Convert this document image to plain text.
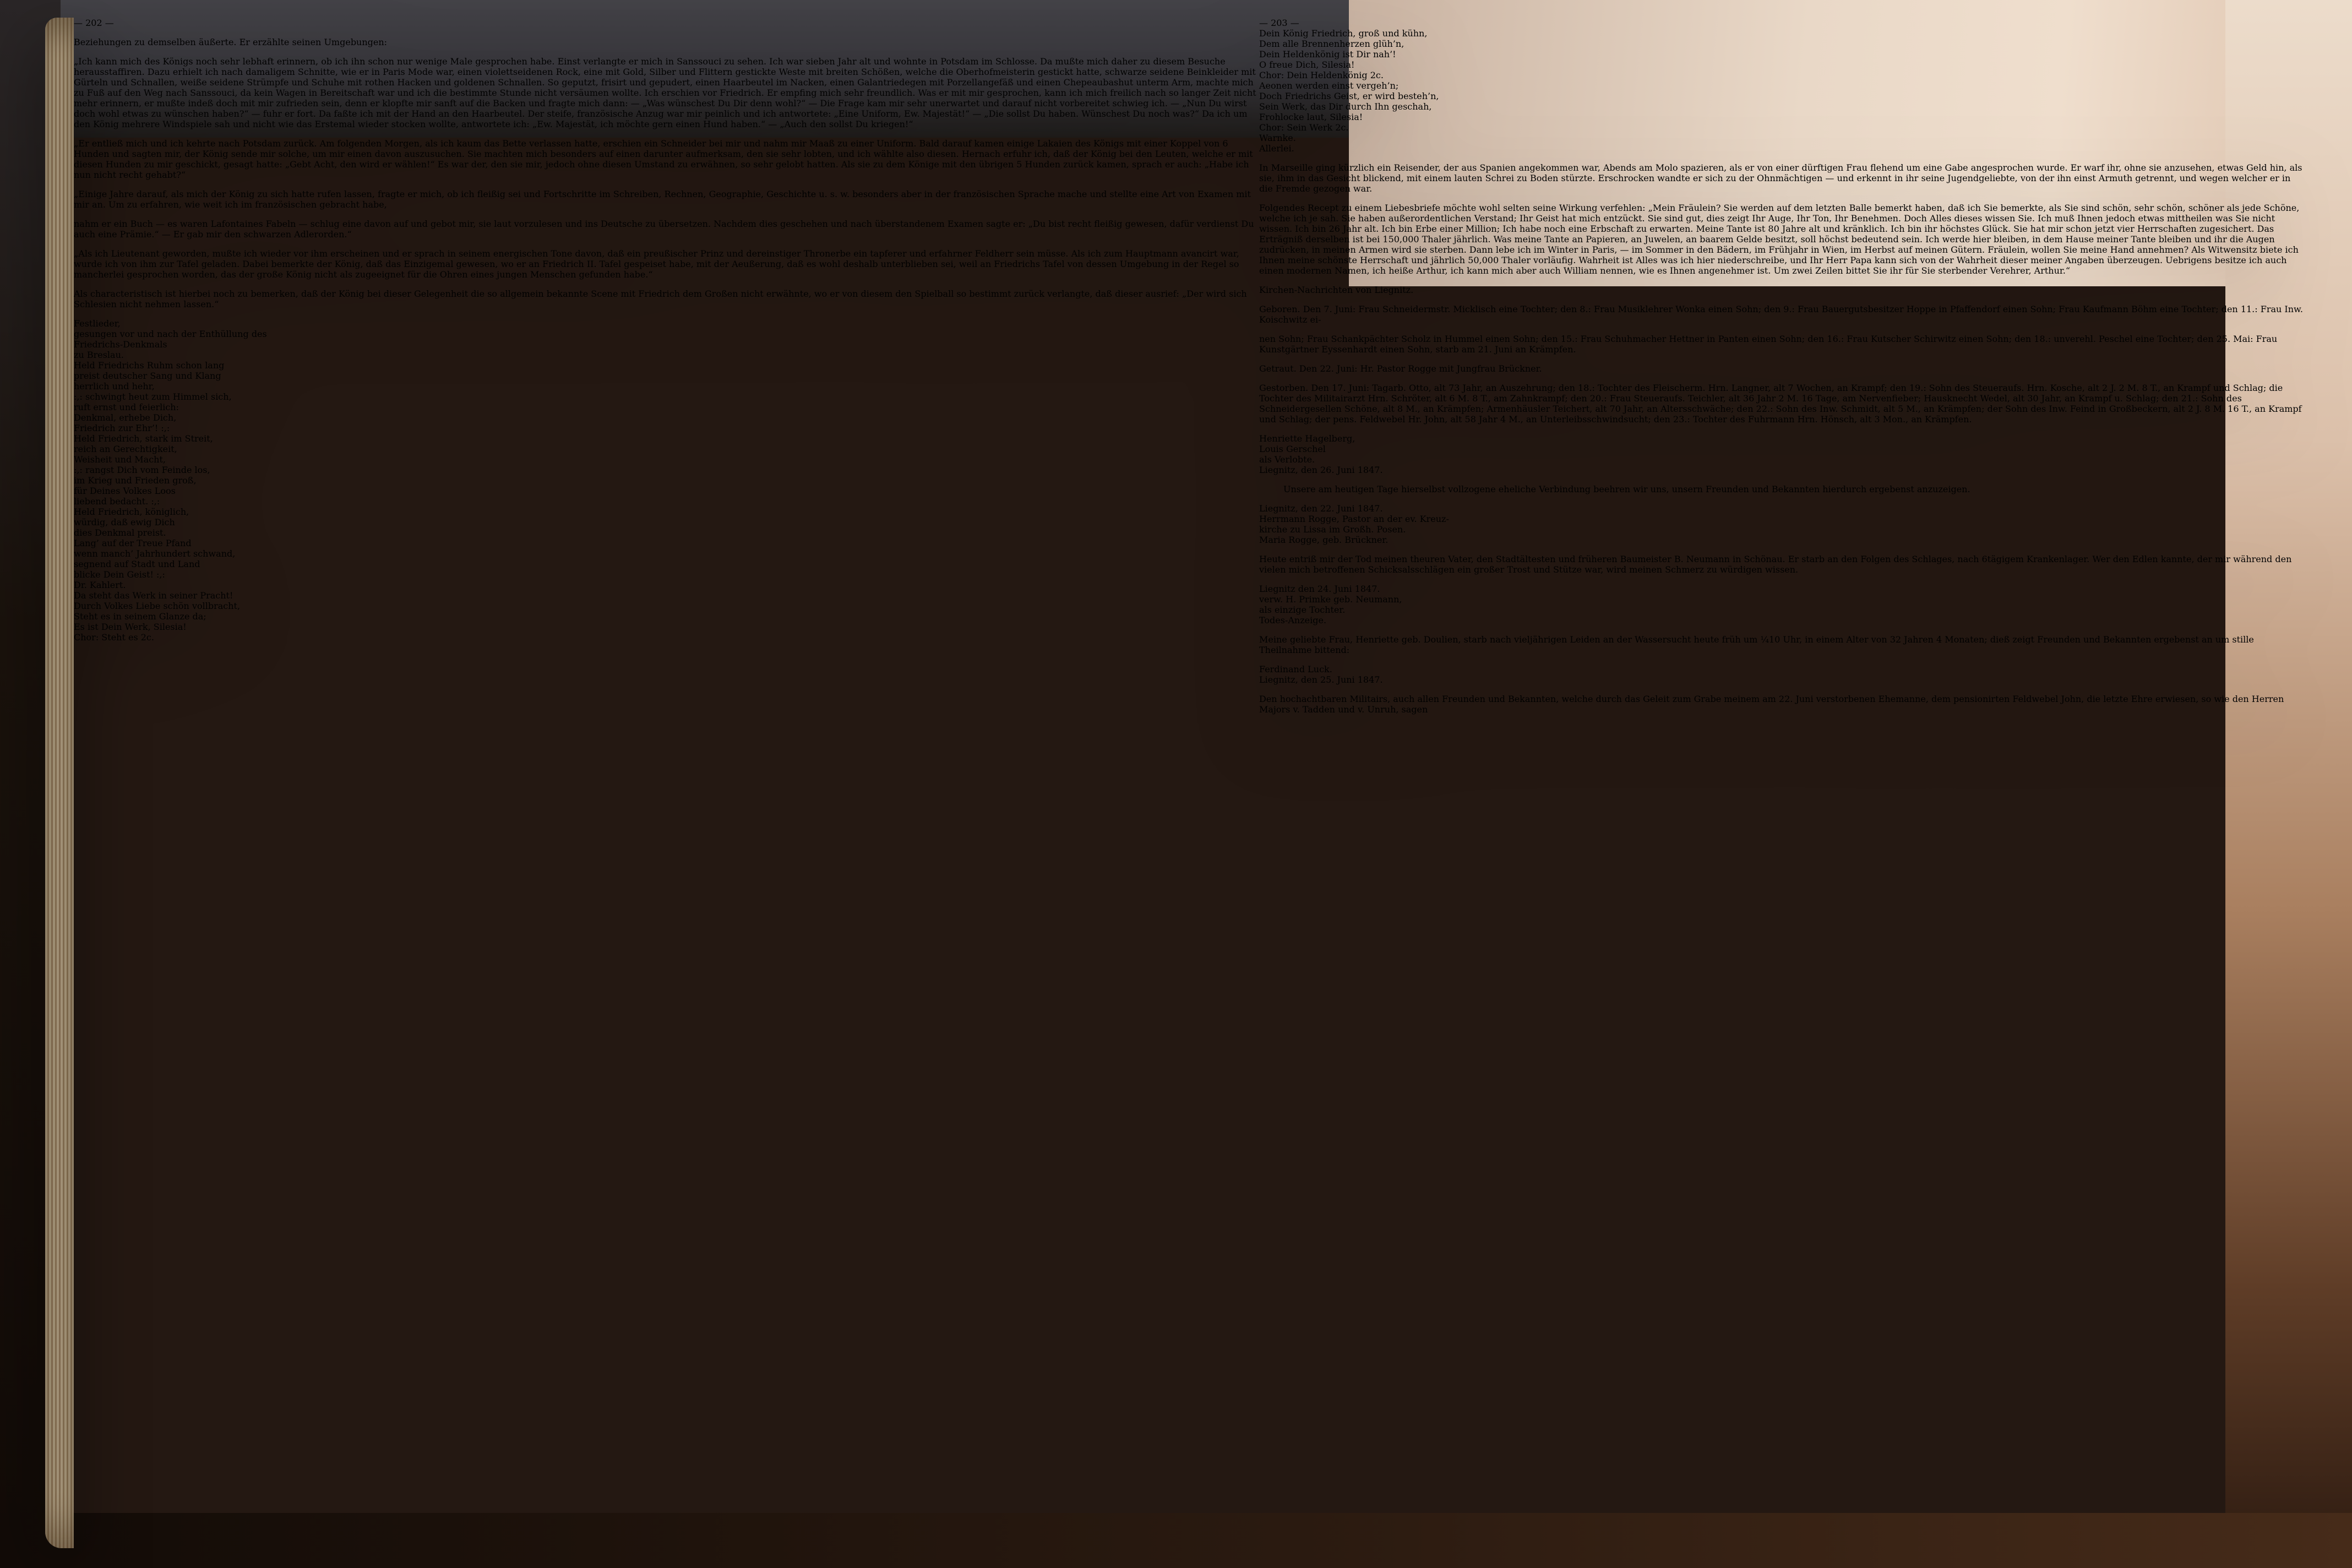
— 202 —

Beziehungen zu demselben äußerte. Er erzählte seinen Umgebungen:

„Ich kann mich des Königs noch sehr lebhaft erinnern, ob ich ihn schon nur wenige Male gesprochen habe. Einst verlangte er mich in Sanssouci zu sehen. Ich war sieben Jahr alt und wohnte in Potsdam im Schlosse. Da mußte mich daher zu diesem Besuche herausstaffiren. Dazu erhielt ich nach damaligem Schnitte, wie er in Paris Mode war, einen violettseidenen Rock, eine mit Gold, Silber und Flittern gestickte Weste mit breiten Schößen, welche die Oberhofmeisterin gestickt hatte, schwarze seidene Beinkleider mit Gürteln und Schnallen, weiße seidene Strümpfe und Schuhe mit rothen Hacken und goldenen Schnallen. So geputzt, frisirt und gepudert, einen Haarbeutel im Nacken, einen Galantriedegen mit Porzellangefäß und einen Chepeaubashut unterm Arm, machte mich zu Fuß auf den Weg nach Sanssouci, da kein Wagen in Bereitschaft war und ich die bestimmte Stunde nicht versäumen wollte. Ich erschien vor Friedrich. Er empfing mich sehr freundlich. Was er mit mir gesprochen, kann ich mich freilich nach so langer Zeit nicht mehr erinnern, er mußte indeß doch mit mir zufrieden sein, denn er klopfte mir sanft auf die Backen und fragte mich dann: — „Was wünschest Du Dir denn wohl?“ — Die Frage kam mir sehr unerwartet und darauf nicht vorbereitet schwieg ich. — „Nun Du wirst doch wohl etwas zu wünschen haben?“ — fuhr er fort. Da faßte ich mit der Hand an den Haarbeutel. Der steife, französische Anzug war mir peinlich und ich antwortete: „Eine Uniform, Ew. Majestät!“ — „Die sollst Du haben. Wünschest Du noch was?“ Da ich um den König mehrere Windspiele sah und nicht wie das Erstemal wieder stocken wollte, antwortete ich: „Ew. Majestät, ich möchte gern einen Hund haben.“ — „Auch den sollst Du kriegen!“

„Er entließ mich und ich kehrte nach Potsdam zurück. Am folgenden Morgen, als ich kaum das Bette verlassen hatte, erschien ein Schneider bei mir und nahm mir Maaß zu einer Uniform. Bald darauf kamen einige Lakaien des Königs mit einer Koppel von 6 Hunden und sagten mir, der König sende mir solche, um mir einen davon auszusuchen. Sie machten mich besonders auf einen darunter aufmerksam, den sie sehr lobten, und ich wählte also diesen. Hernach erfuhr ich, daß der König bei den Leuten, welche er mit diesen Hunden zu mir geschickt, gesagt hatte: „Gebt Acht, den wird er wählen!“ Es war der, den sie mir, jedoch ohne diesen Umstand zu erwähnen, so sehr gelobt hatten. Als sie zu dem Könige mit den übrigen 5 Hunden zurück kamen, sprach er auch: „Habe ich nun nicht recht gehabt?“

„Einige Jahre darauf, als mich der König zu sich hatte rufen lassen, fragte er mich, ob ich fleißig sei und Fortschritte im Schreiben, Rechnen, Geographie, Geschichte u. s. w. besonders aber in der französischen Sprache mache und stellte eine Art von Examen mit mir an. Um zu erfahren, wie weit ich im französischen gebracht habe,

nahm er ein Buch — es waren Lafontaines Fabeln — schlug eine davon auf und gebot mir, sie laut vorzulesen und ins Deutsche zu übersetzen. Nachdem dies geschehen und nach überstandenem Examen sagte er: „Du bist recht fleißig gewesen, dafür verdienst Du auch eine Prämie.“ — Er gab mir den schwarzen Adlerorden.“

„Als ich Lieutenant geworden, mußte ich wieder vor ihm erscheinen und er sprach in seinem energischen Tone davon, daß ein preußischer Prinz und dereinstiger Thronerbe ein tapferer und erfahrner Feldherr sein müsse. Als ich zum Hauptmann avancirt war, wurde ich von ihm zur Tafel geladen. Dabei bemerkte der König, daß das Einzigemal gewesen, wo er an Friedrich II. Tafel gespeiset habe, mit der Aeußerung, daß es wohl deshalb unterblieben sei, weil an Friedrichs Tafel von dessen Umgebung in der Regel so mancherlei gesprochen worden, das der große König nicht als zugeeignet für die Ohren eines jungen Menschen gefunden habe.“

Als characteristisch ist hierbei noch zu bemerken, daß der König bei dieser Gelegenheit die so allgemein bekannte Scene mit Friedrich dem Großen nicht erwähnte, wo er von diesem den Spielball so bestimmt zurück verlangte, daß dieser ausrief: „Der wird sich Schlesien nicht nehmen lassen.“

Festlieder,
gesungen vor und nach der Enthüllung des
Friedrichs-Denkmals
zu Breslau.
Held Friedrichs Ruhm schon lang
preist deutscher Sang und Klang
herrlich und hehr,
:,: schwingt heut zum Himmel sich,
ruft ernst und feierlich:
Denkmal, erhebe Dich,
Friedrich zur Ehr’! :,:
Held Friedrich, stark im Streit,
reich an Gerechtigkeit,
Weisheit und Macht,
:,: rangst Dich vom Feinde los,
im Krieg und Frieden groß,
für Deines Volkes Loos
liebend bedacht. :,:
Held Friedrich, königlich,
würdig, daß ewig Dich
dies Denkmal preist.
Lang’ auf der Treue Pfand
wenn manch’ Jahrhundert schwand,
segnend auf Stadt und Land
blicke Dein Geist! :,:
Dr. Kahlert.
Da steht das Werk in seiner Pracht!
Durch Volkes Liebe schön vollbracht,
Steht es in seinem Glanze da;
Es ist Dein Werk, Silesia!
Chor: Steht es 2c.
— 203 —
Dein König Friedrich, groß und kühn,
Dem alle Brennenherzen glüh’n,
Dein Heldenkönig ist Dir nah’!
O freue Dich, Silesia!
Chor: Dein Heldenkönig 2c.
Aeonen werden einst vergeh’n;
Doch Friedrichs Geist, er wird besteh’n,
Sein Werk, das Dir durch Ihn geschah,
Frohlocke laut, Silesia!
Chor: Sein Werk 2c.
Warnke.
Allerlei.

In Marseille ging kürzlich ein Reisender, der aus Spanien angekommen war, Abends am Molo spazieren, als er von einer dürftigen Frau flehend um eine Gabe angesprochen wurde. Er warf ihr, ohne sie anzusehen, etwas Geld hin, als sie, ihm in das Gesicht blickend, mit einem lauten Schrei zu Boden stürzte. Erschrocken wandte er sich zu der Ohnmächtigen — und erkennt in ihr seine Jugendgeliebte, von der ihn einst Armuth getrennt, und wegen welcher er in die Fremde gezogen war.

Folgendes Recept zu einem Liebesbriefe möchte wohl selten seine Wirkung verfehlen: „Mein Fräulein? Sie werden auf dem letzten Balle bemerkt haben, daß ich Sie bemerkte, als Sie sind schön, sehr schön, schöner als jede Schöne, welche ich je sah. Sie haben außerordentlichen Verstand; Ihr Geist hat mich entzückt. Sie sind gut, dies zeigt Ihr Auge, Ihr Ton, Ihr Benehmen. Doch Alles dieses wissen Sie. Ich muß Ihnen jedoch etwas mittheilen was Sie nicht wissen. Ich bin 26 Jahr alt. Ich bin Erbe einer Million; Ich habe noch eine Erbschaft zu erwarten. Meine Tante ist 80 Jahre alt und kränklich. Ich bin ihr höchstes Glück. Sie hat mir schon jetzt vier Herrschaften zugesichert. Das Erträgniß derselben ist bei 150,000 Thaler jährlich. Was meine Tante an Papieren, an Juwelen, an baarem Gelde besitzt, soll höchst bedeutend sein. Ich werde hier bleiben, in dem Hause meiner Tante bleiben und ihr die Augen zudrücken, in meinen Armen wird sie sterben. Dann lebe ich im Winter in Paris, — im Sommer in den Bädern, im Frühjahr in Wien, im Herbst auf meinen Gütern. Fräulein, wollen Sie meine Hand annehmen? Als Witwensitz biete ich Ihnen meine schönste Herrschaft und jährlich 50,000 Thaler vorläufig. Wahrheit ist Alles was ich hier niederschreibe, und Ihr Herr Papa kann sich von der Wahrheit dieser meiner Angaben überzeugen. Uebrigens besitze ich auch einen modernen Namen, ich heiße Arthur, ich kann mich aber auch William nennen, wie es Ihnen angenehmer ist. Um zwei Zeilen bittet Sie ihr für Sie sterbender Verehrer, Arthur.“

Kirchen-Nachrichten von Liegnitz.

Geboren. Den 7. Juni: Frau Schneidermstr. Micklisch eine Tochter; den 8.: Frau Musiklehrer Wonka einen Sohn; den 9.: Frau Bauergutsbesitzer Hoppe in Pfaffendorf einen Sohn; Frau Kaufmann Böhm eine Tochter; den 11.: Frau Inw. Koischwitz ei-

nen Sohn; Frau Schankpächter Scholz in Hummel einen Sohn; den 15.: Frau Schuhmacher Hettner in Panten einen Sohn; den 16.: Frau Kutscher Schirwitz einen Sohn; den 18.: unverehl. Peschel eine Tochter; den 25. Mai: Frau Kunstgärtner Eyssenhardt einen Sohn, starb am 21. Juni an Krämpfen.

Getraut. Den 22. Juni: Hr. Pastor Rogge mit Jungfrau Brückner.

Gestorben. Den 17. Juni: Tagarb. Otto, alt 73 Jahr, an Auszehrung; den 18.: Tochter des Fleischerm. Hrn. Langner, alt 7 Wochen, an Krampf; den 19.: Sohn des Steueraufs. Hrn. Kosche, alt 2 J. 2 M. 8 T., an Krampf und Schlag; die Tochter des Militairarzt Hrn. Schröter, alt 6 M. 8 T., am Zahnkrampf; den 20.: Frau Steueraufs. Teichler, alt 36 Jahr 2 M. 16 Tage, am Nervenfieber; Hausknecht Wedel, alt 30 Jahr, an Krampf u. Schlag; den 21.: Sohn des Schneidergesellen Schöne, alt 8 M., an Krämpfen; Armenhäusler Teichert, alt 70 Jahr, an Altersschwäche; den 22.: Sohn des Inw. Schmidt, alt 5 M., an Krämpfen; der Sohn des Inw. Feind in Großbeckern, alt 2 J. 8 M. 16 T., an Krampf und Schlag; der pens. Feldwebel Hr. John, alt 58 Jahr 4 M., an Unterleibsschwindsucht; den 23.: Tochter des Fuhrmann Hrn. Hönsch, alt 3 Mon., an Krämpfen.

Henriette Hagelberg,
Louis Gerschel
als Verlobte.
Liegnitz, den 26. Juni 1847.

Unsere am heutigen Tage hierselbst vollzogene eheliche Verbindung beehren wir uns, unsern Freunden und Bekannten hierdurch ergebenst anzuzeigen.

Liegnitz, den 22. Juni 1847.
Herrmann Rogge, Pastor an der ev. Kreuz-
kirche zu Lissa im Großh. Posen.
Maria Rogge, geb. Brückner.

Heute entriß mir der Tod meinen theuren Vater, den Stadtältesten und früheren Baumeister B. Neumann in Schönau. Er starb an den Folgen des Schlages, nach 6tägigem Krankenlager. Wer den Edlen kannte, der mir während den vielen mich betroffenen Schicksalsschlägen ein großer Trost und Stütze war, wird meinen Schmerz zu würdigen wissen.

Liegnitz den 24. Juni 1847.
verw. H. Primke geb. Neumann,
als einzige Tochter.
Todes-Anzeige.

Meine geliebte Frau, Henriette geb. Doulien, starb nach vieljährigen Leiden an der Wassersucht heute früh um ¼10 Uhr, in einem Alter von 32 Jahren 4 Monaten; dieß zeigt Freunden und Bekannten ergebenst an um stille Theilnahme bittend:

Ferdinand Luck.
Liegnitz, den 25. Juni 1847.

Den hochachtbaren Militairs, auch allen Freunden und Bekannten, welche durch das Geleit zum Grabe meinem am 22. Juni verstorbenen Ehemanne, dem pensionirten Feldwebel John, die letzte Ehre erwiesen, so wie den Herren Majors v. Tadden und v. Unruh, sagen
